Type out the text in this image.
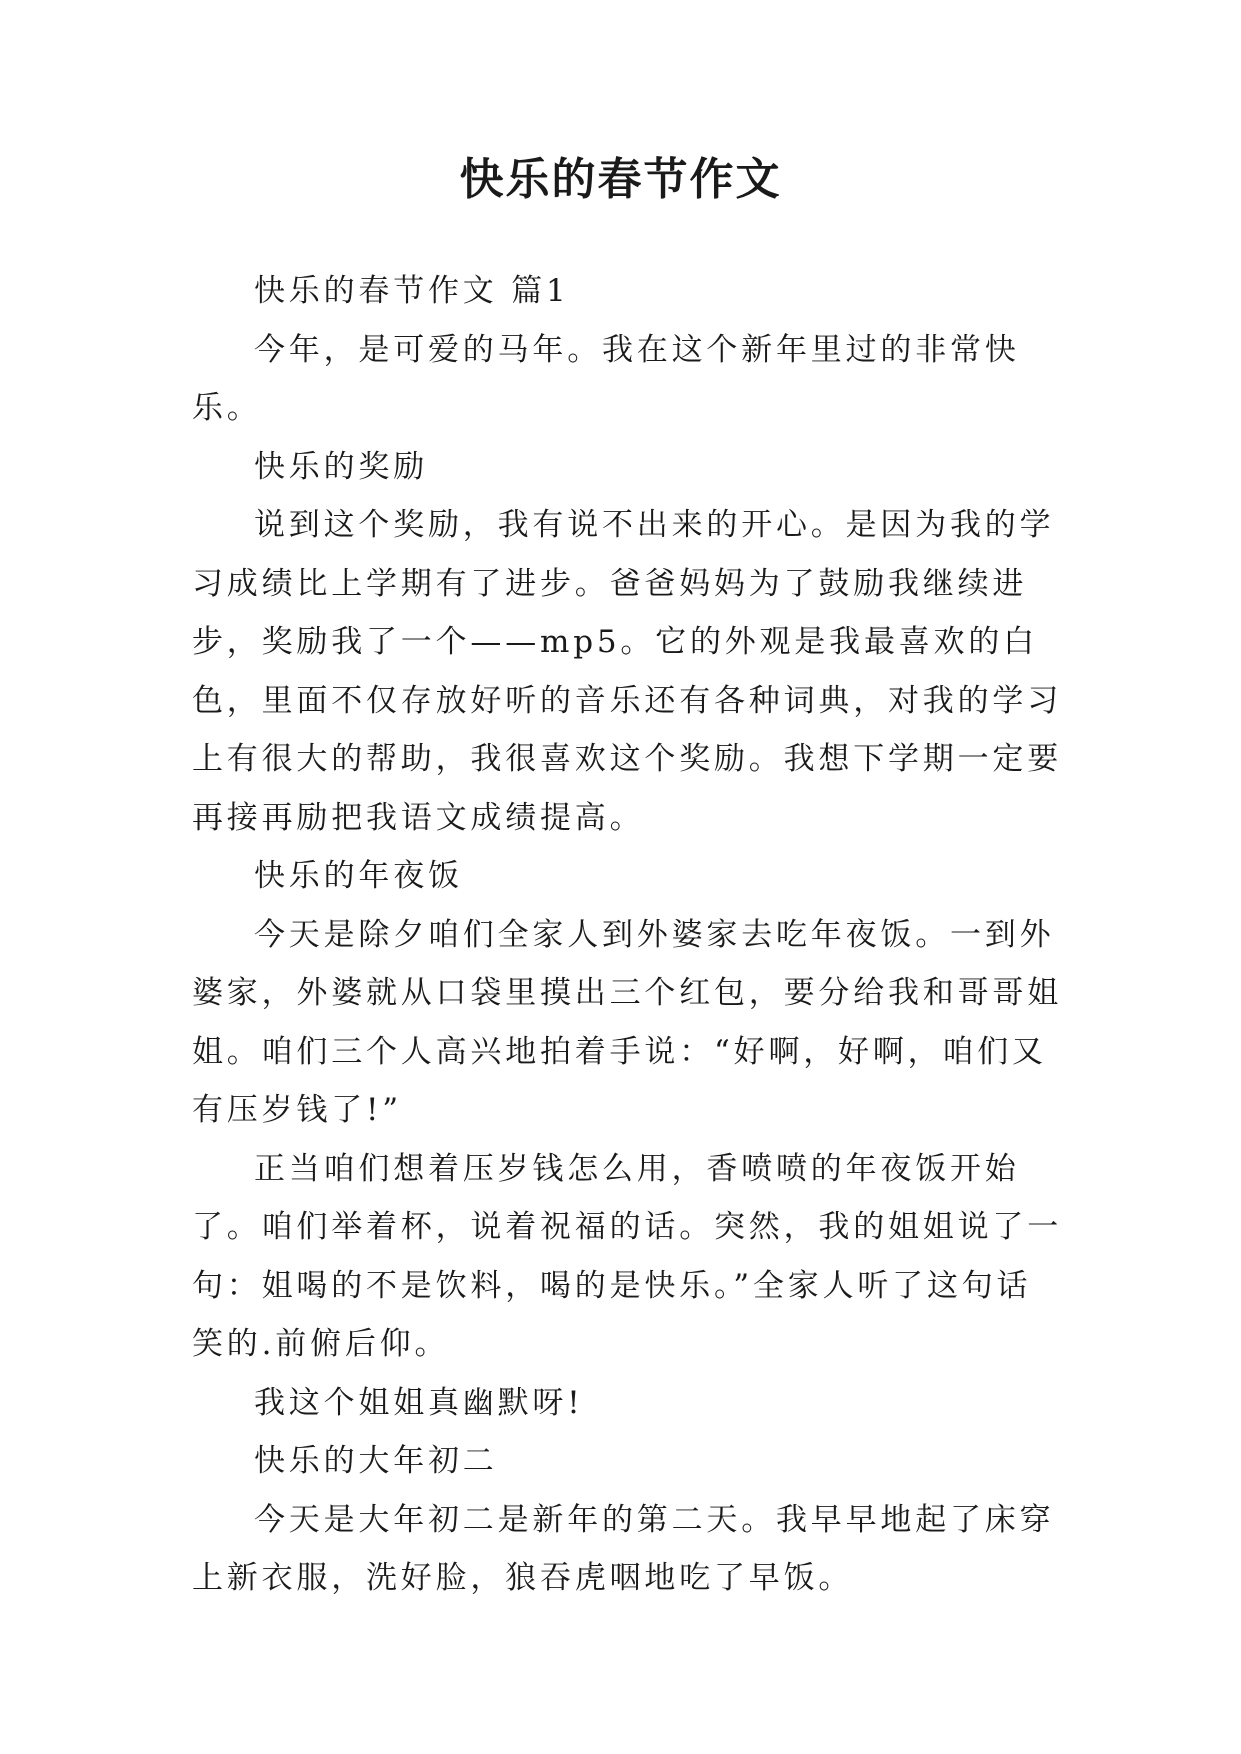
快乐的春节作文

快乐的春节作文 篇1

今年，是可爱的马年。我在这个新年里过的非常快乐。

快乐的奖励

说到这个奖励，我有说不出来的开心。是因为我的学习成绩比上学期有了进步。爸爸妈妈为了鼓励我继续进步，奖励我了一个——mp5。它的外观是我最喜欢的白色，里面不仅存放好听的音乐还有各种词典，对我的学习上有很大的帮助，我很喜欢这个奖励。我想下学期一定要再接再励把我语文成绩提高。

快乐的年夜饭

今天是除夕咱们全家人到外婆家去吃年夜饭。一到外婆家，外婆就从口袋里摸出三个红包，要分给我和哥哥姐姐。咱们三个人高兴地拍着手说：“好啊，好啊，咱们又有压岁钱了!”

正当咱们想着压岁钱怎么用，香喷喷的年夜饭开始了。咱们举着杯，说着祝福的话。突然，我的姐姐说了一句：姐喝的不是饮料，喝的是快乐。”全家人听了这句话笑的.前俯后仰。

我这个姐姐真幽默呀!

快乐的大年初二

今天是大年初二是新年的第二天。我早早地起了床穿上新衣服，洗好脸，狼吞虎咽地吃了早饭。
